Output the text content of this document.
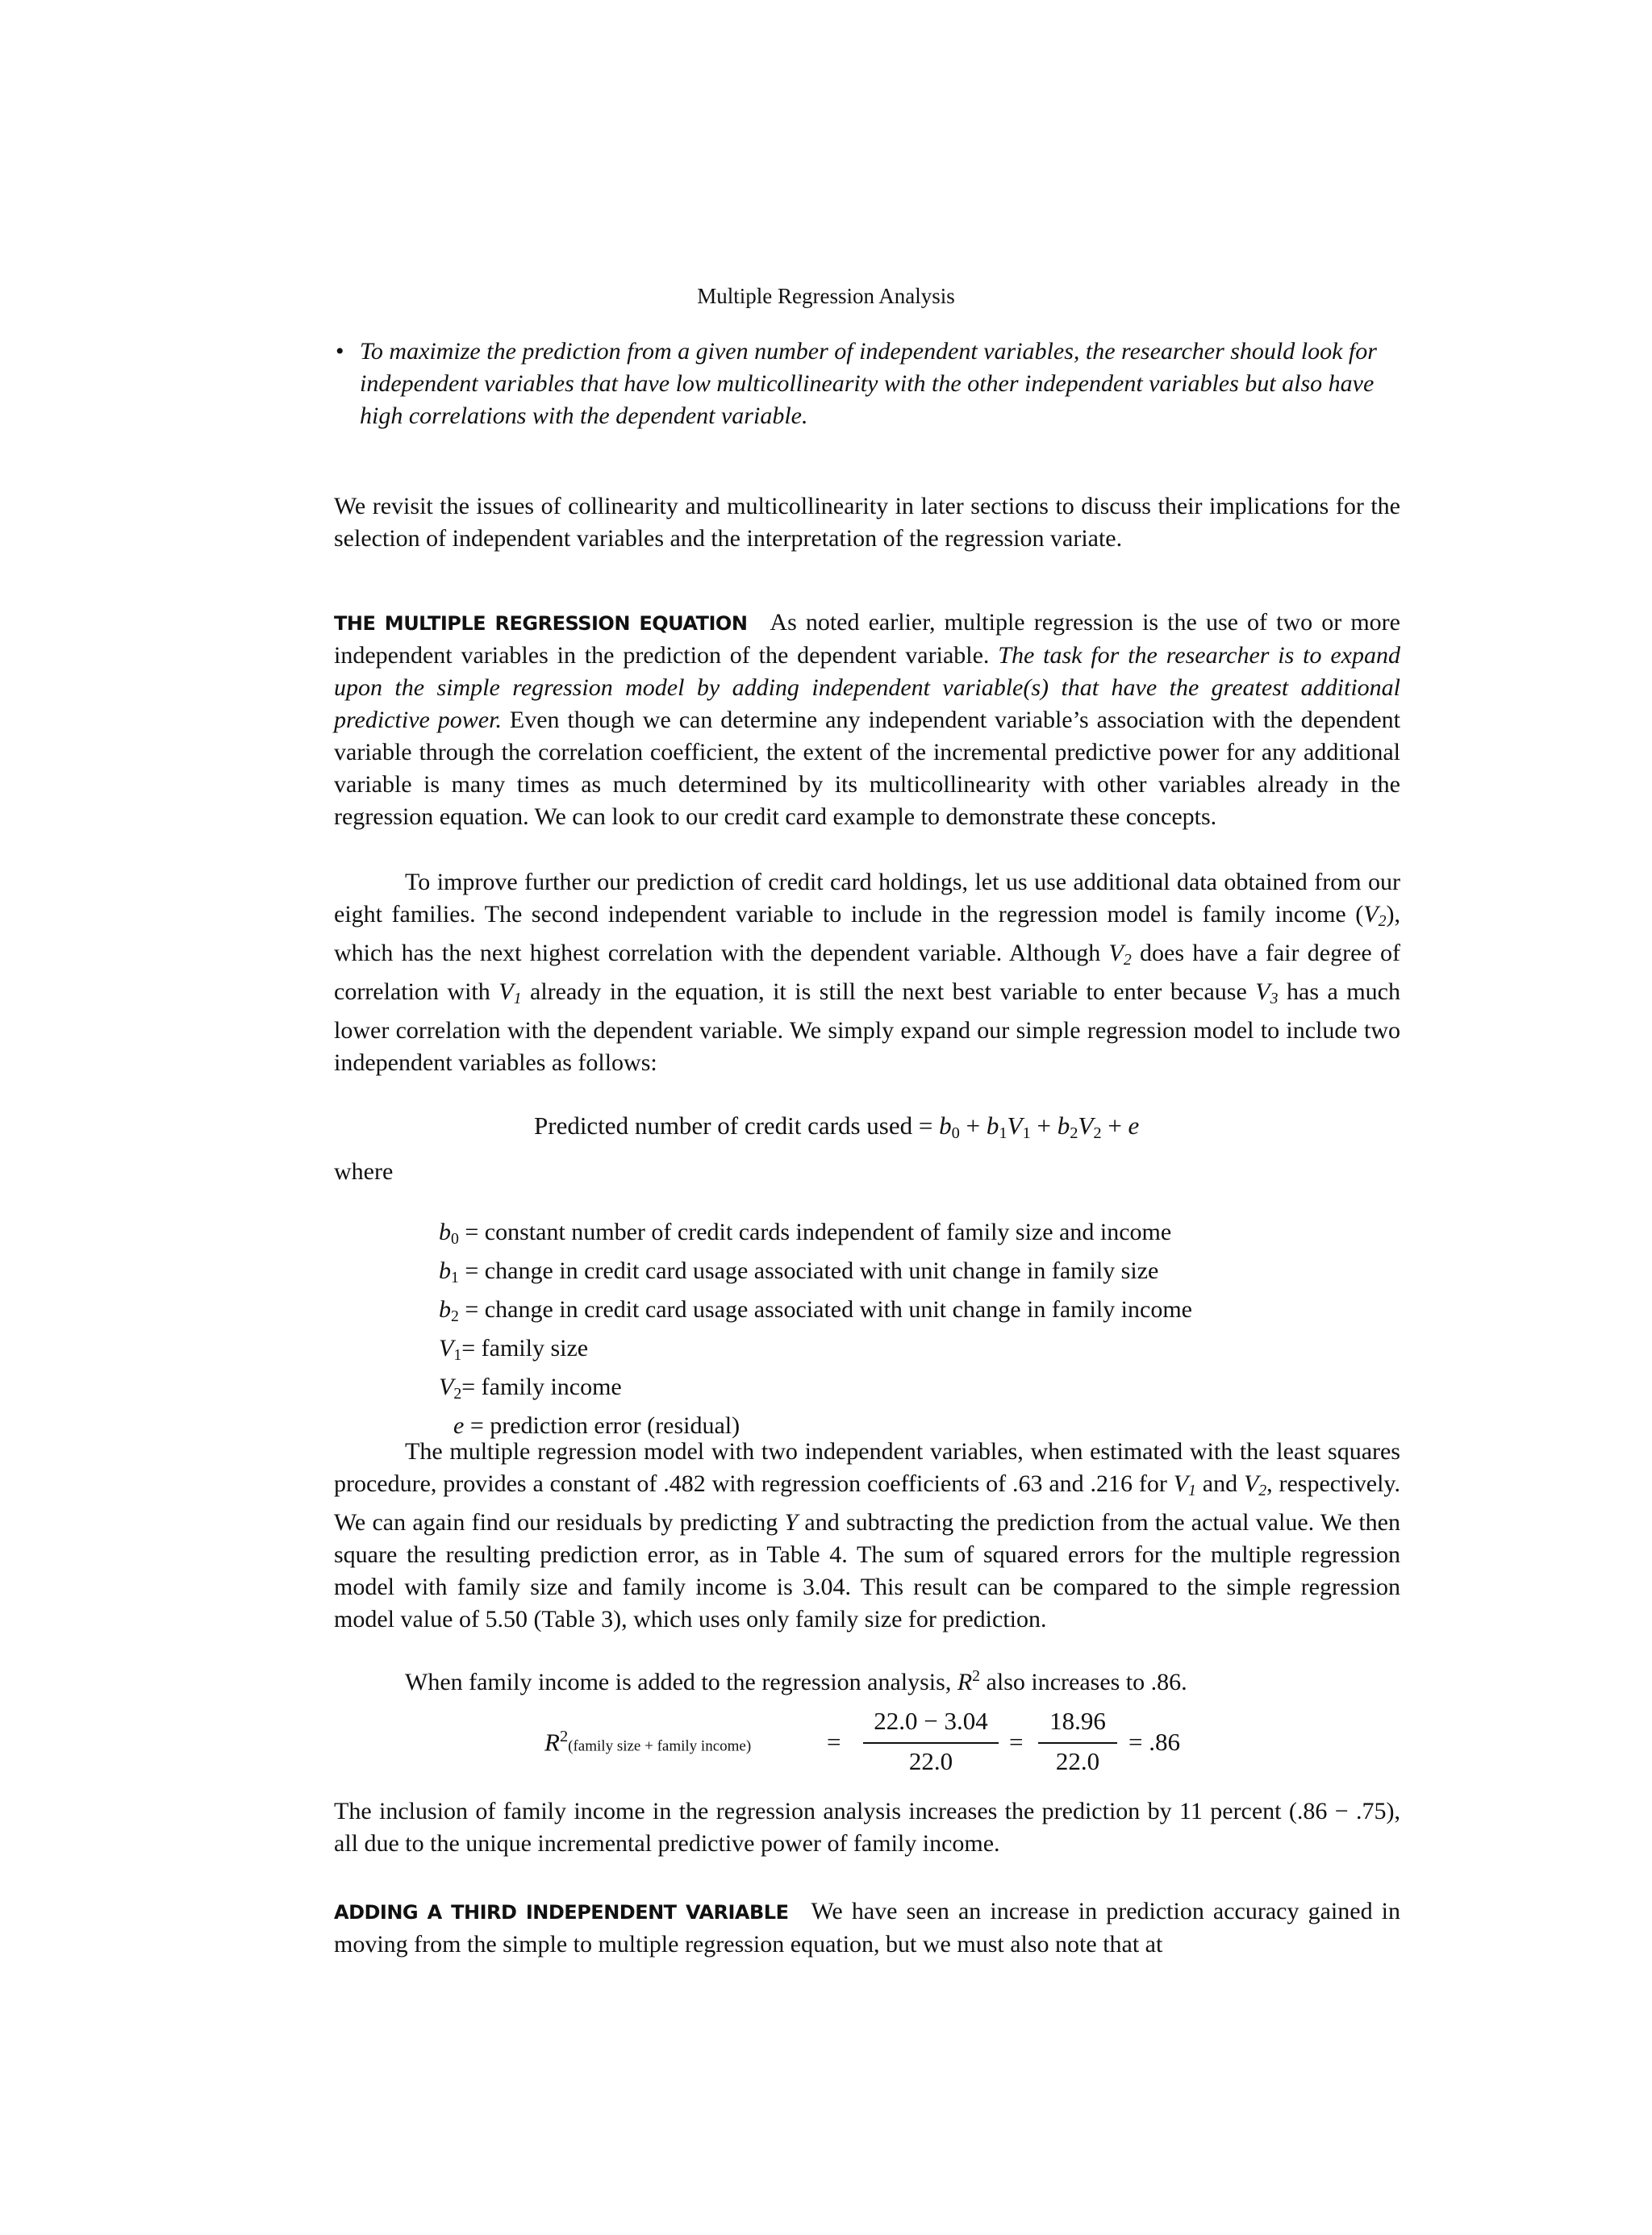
Multiple Regression Analysis
• To maximize the prediction from a given number of independent variables, the researcher should look for independent variables that have low multicollinearity with the other independent variables but also have high correlations with the dependent variable.
We revisit the issues of collinearity and multicollinearity in later sections to discuss their implications for the selection of independent variables and the interpretation of the regression variate.
THE MULTIPLE REGRESSION EQUATION As noted earlier, multiple regression is the use of two or more independent variables in the prediction of the dependent variable. The task for the researcher is to expand upon the simple regression model by adding independent variable(s) that have the greatest additional predictive power. Even though we can determine any independent variable’s association with the dependent variable through the correlation coefficient, the extent of the incremental predictive power for any additional variable is many times as much determined by its multicollinearity with other variables already in the regression equation. We can look to our credit card example to demonstrate these concepts.
To improve further our prediction of credit card holdings, let us use additional data obtained from our eight families. The second independent variable to include in the regression model is family income $(V_2)$, which has the next highest correlation with the dependent variable. Although $V_2$ does have a fair degree of correlation with $V_1$ already in the equation, it is still the next best variable to enter because $V_3$ has a much lower correlation with the dependent variable. We simply expand our simple regression model to include two independent variables as follows:
Predicted number of credit cards used = $b_0 + b_1V_1 + b_2V_2 + e$
where
$b_0$ = constant number of credit cards independent of family size and income
$b_1$ = change in credit card usage associated with unit change in family size
$b_2$ = change in credit card usage associated with unit change in family income
$V_1=$ family size
$V_2=$ family income
e = prediction error (residual)
The multiple regression model with two independent variables, when estimated with the least squares procedure, provides a constant of .482 with regression coefficients of .63 and .216 for $V_1$ and $V_2$, respectively. We can again find our residuals by predicting Y and subtracting the prediction from the actual value. We then square the resulting prediction error, as in Table 4. The sum of squared errors for the multiple regression model with family size and family income is 3.04. This result can be compared to the simple regression model value of 5.50 (Table 3), which uses only family size for prediction.
When family income is added to the regression analysis, $R^2$ also increases to .86.
$R^2(family$ size + family income)	=
22.0 − 3.04
22.0
=
18.96
22.0
= .86
The inclusion of family income in the regression analysis increases the prediction by 11 percent (.86 − .75), all due to the unique incremental predictive power of family income.
ADDING A THIRD INDEPENDENT VARIABLE We have seen an increase in prediction accuracy gained in moving from the simple to multiple regression equation, but we must also note that at
